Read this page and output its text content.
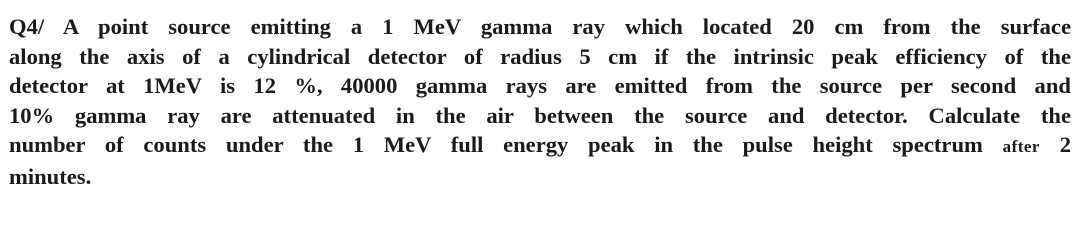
Q4/ A point source emitting a 1 MeV gamma ray which located 20 cm from the surface
along the axis of a cylindrical detector of radius 5 cm if the intrinsic peak efficiency of the
detector at 1MeV is 12 %, 40000 gamma rays are emitted from the source per second and
10% gamma ray are attenuated in the air between the source and detector. Calculate the
number of counts under the 1 MeV full energy peak in the pulse height spectrum after 2
minutes.
